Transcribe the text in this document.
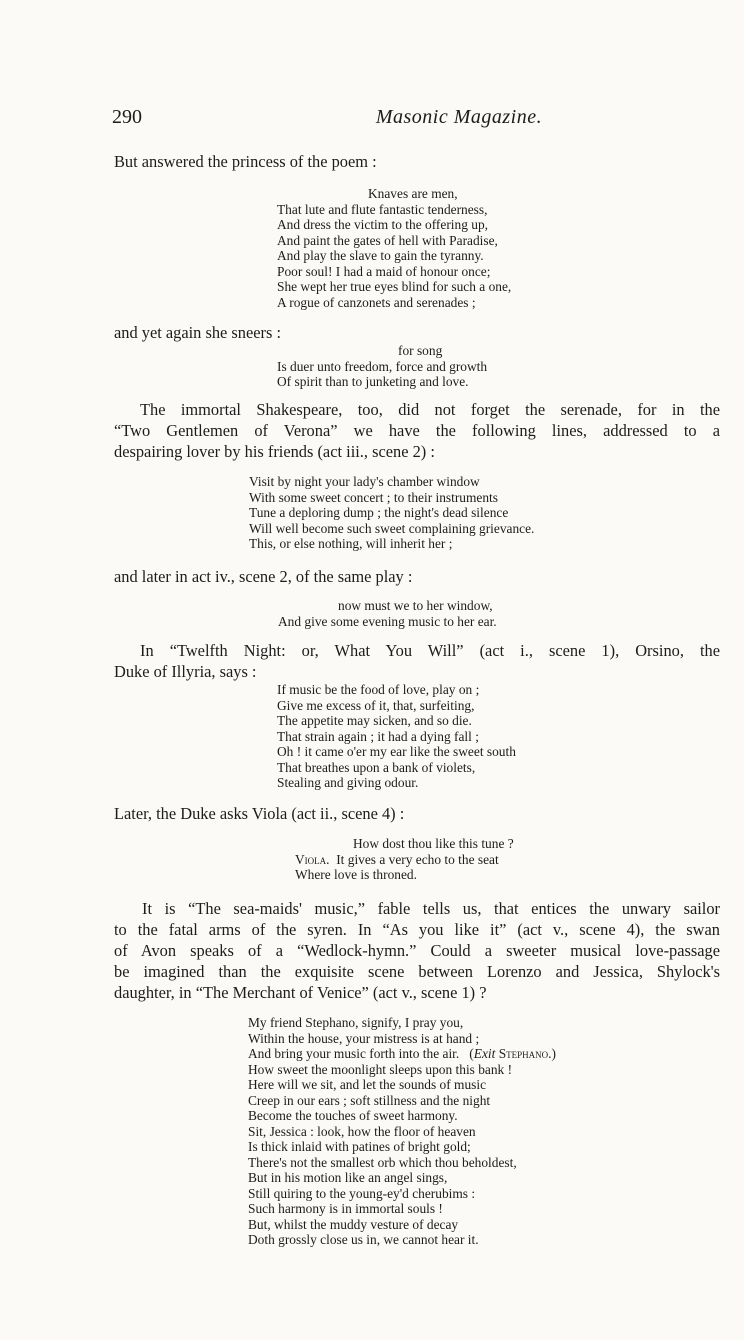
290	Masonic Magazine.
But answered the princess of the poem :
Knaves are men,
That lute and flute fantastic tenderness,
And dress the victim to the offering up,
And paint the gates of hell with Paradise,
And play the slave to gain the tyranny.
Poor soul! I had a maid of honour once;
She wept her true eyes blind for such a one,
A rogue of canzonets and serenades ;
and yet again she sneers :
for song
Is duer unto freedom, force and growth
Of spirit than to junketing and love.
The immortal Shakespeare, too, did not forget the serenade, for in the
“Two Gentlemen of Verona” we have the following lines, addressed to a
despairing lover by his friends (act iii., scene 2) :
Visit by night your lady's chamber window
With some sweet concert ; to their instruments
Tune a deploring dump ; the night's dead silence
Will well become such sweet complaining grievance.
This, or else nothing, will inherit her ;
and later in act iv., scene 2, of the same play :
now must we to her window,
And give some evening music to her ear.
In “Twelfth Night: or, What You Will” (act i., scene 1), Orsino, the
Duke of Illyria, says :
If music be the food of love, play on ;
Give me excess of it, that, surfeiting,
The appetite may sicken, and so die.
That strain again ; it had a dying fall ;
Oh ! it came o'er my ear like the sweet south
That breathes upon a bank of violets,
Stealing and giving odour.
Later, the Duke asks Viola (act ii., scene 4) :
How dost thou like this tune ?
Viola. It gives a very echo to the seat
Where love is throned.
It is “The sea-maids' music,” fable tells us, that entices the unwary sailor
to the fatal arms of the syren. In “As you like it” (act v., scene 4), the swan
of Avon speaks of a “Wedlock-hymn.” Could a sweeter musical love-passage
be imagined than the exquisite scene between Lorenzo and Jessica, Shylock's
daughter, in “The Merchant of Venice” (act v., scene 1) ?
My friend Stephano, signify, I pray you,
Within the house, your mistress is at hand ;
And bring your music forth into the air.   (Exit Stephano.)
How sweet the moonlight sleeps upon this bank !
Here will we sit, and let the sounds of music
Creep in our ears ; soft stillness and the night
Become the touches of sweet harmony.
Sit, Jessica : look, how the floor of heaven
Is thick inlaid with patines of bright gold;
There's not the smallest orb which thou beholdest,
But in his motion like an angel sings,
Still quiring to the young-ey'd cherubims :
Such harmony is in immortal souls !
But, whilst the muddy vesture of decay
Doth grossly close us in, we cannot hear it.
